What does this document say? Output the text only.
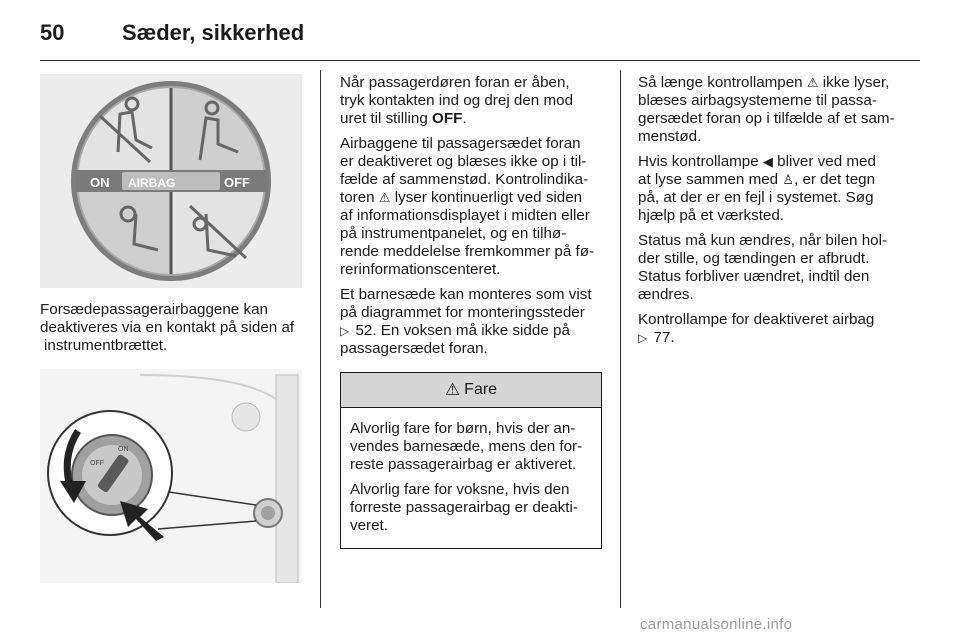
50	Sæder, sikkerhed
ON AIRBAG	OFF
Forsædepassagerairbaggene kan
deaktiveres via en kontakt på siden af
instrumentbrættet.
ON
OFF

Når passagerdøren foran er åben,
tryk kontakten ind og drej den mod
uret til stilling OFF.

Airbaggene til passagersædet foran
er deaktiveret og blæses ikke op i til-
fælde af sammenstød. Kontrolindika-
toren ⚠ lyser kontinuerligt ved siden
af informationsdisplayet i midten eller
på instrumentpanelet, og en tilhø-
rende meddelelse fremkommer på fø-
rerinformationscenteret.

Et barnesæde kan monteres som vist
på diagrammet for monteringssteder
▷ 52. En voksen må ikke sidde på
passagersædet foran.

⚠ Fare

Alvorlig fare for børn, hvis der an-
vendes barnesæde, mens den for-
reste passagerairbag er aktiveret.

Alvorlig fare for voksne, hvis den
forreste passagerairbag er deakti-
veret.

Så længe kontrollampen ⚠ ikke lyser,
blæses airbagsystemerne til passa-
gersædet foran op i tilfælde af et sam-
menstød.

Hvis kontrollampe ◀ bliver ved med
at lyse sammen med ♙, er det tegn
på, at der er en fejl i systemet. Søg
hjælp på et værksted.

Status må kun ændres, når bilen hol-
der stille, og tændingen er afbrudt.
Status forbliver uændret, indtil den
ændres.

Kontrollampe for deaktiveret airbag
▷ 77.

carmanualsonline.info
